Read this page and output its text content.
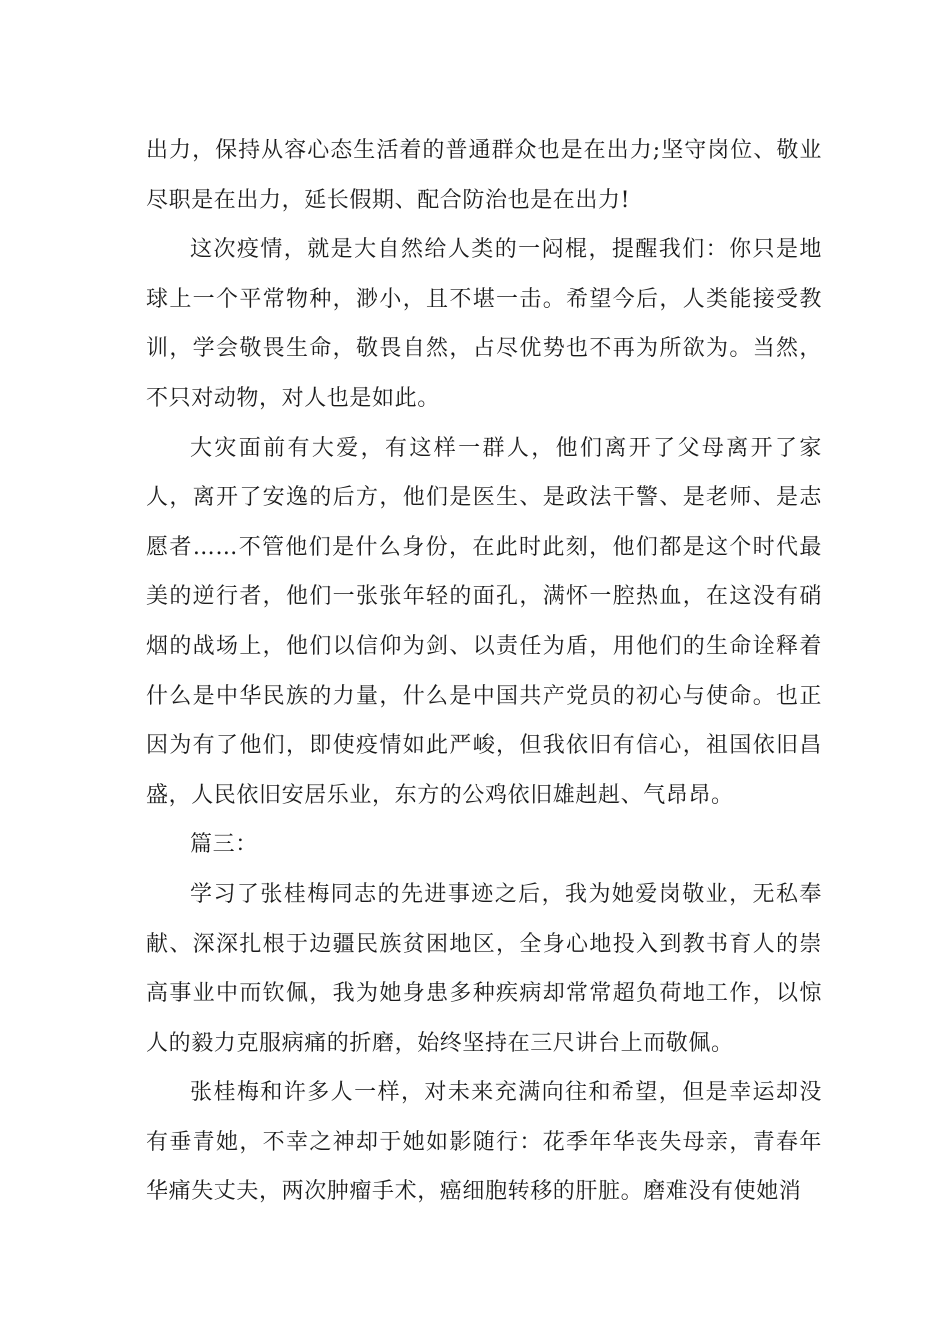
出力，保持从容心态生活着的普通群众也是在出力;坚守岗位、敬业尽职是在出力，延长假期、配合防治也是在出力!

这次疫情，就是大自然给人类的一闷棍，提醒我们：你只是地球上一个平常物种，渺小，且不堪一击。希望今后，人类能接受教训，学会敬畏生命，敬畏自然，占尽优势也不再为所欲为。当然，不只对动物，对人也是如此。

大灾面前有大爱，有这样一群人，他们离开了父母离开了家人，离开了安逸的后方，他们是医生、是政法干警、是老师、是志愿者……不管他们是什么身份，在此时此刻，他们都是这个时代最美的逆行者，他们一张张年轻的面孔，满怀一腔热血，在这没有硝烟的战场上，他们以信仰为剑、以责任为盾，用他们的生命诠释着什么是中华民族的力量，什么是中国共产党员的初心与使命。也正因为有了他们，即使疫情如此严峻，但我依旧有信心，祖国依旧昌盛，人民依旧安居乐业，东方的公鸡依旧雄赳赳、气昂昂。

篇三：

学习了张桂梅同志的先进事迹之后，我为她爱岗敬业，无私奉献、深深扎根于边疆民族贫困地区，全身心地投入到教书育人的崇高事业中而钦佩，我为她身患多种疾病却常常超负荷地工作，以惊人的毅力克服病痛的折磨，始终坚持在三尺讲台上而敬佩。

张桂梅和许多人一样，对未来充满向往和希望，但是幸运却没有垂青她，不幸之神却于她如影随行：花季年华丧失母亲，青春年华痛失丈夫，两次肿瘤手术，癌细胞转移的肝脏。磨难没有使她消
